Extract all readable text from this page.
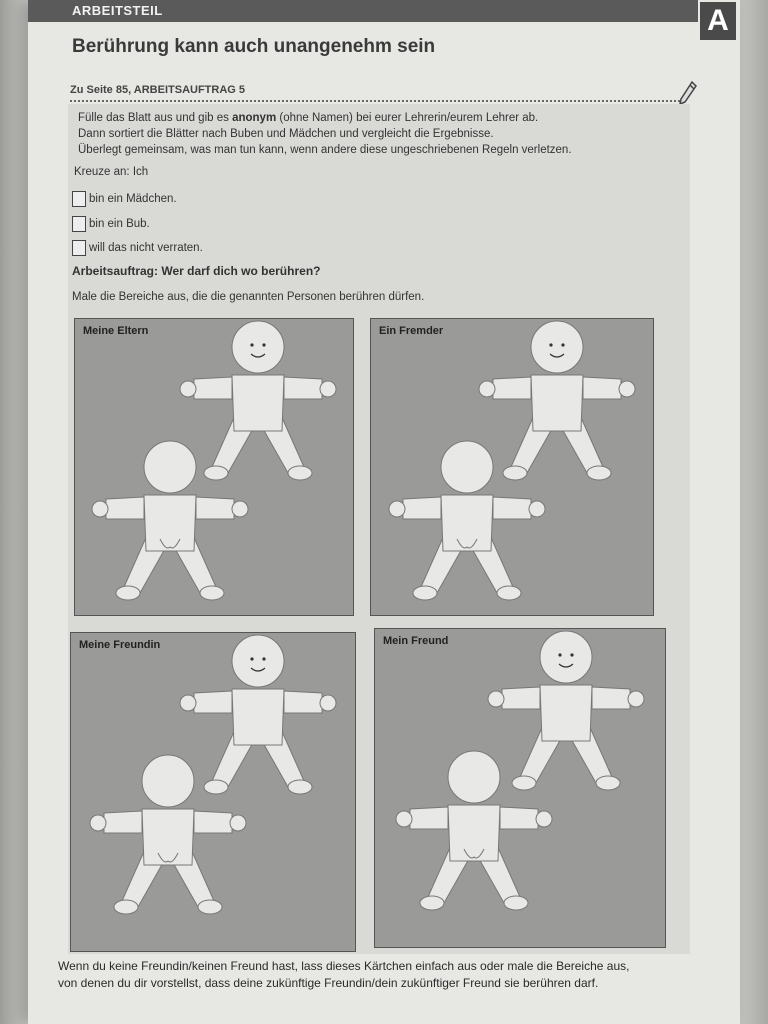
ARBEITSTEIL	A
Berührung kann auch unangenehm sein
Zu Seite 85, ARBEITSAUFTRAG 5
Fülle das Blatt aus und gib es anonym (ohne Namen) bei eurer Lehrerin/eurem Lehrer ab.
Dann sortiert die Blätter nach Buben und Mädchen und vergleicht die Ergebnisse.
Überlegt gemeinsam, was man tun kann, wenn andere diese ungeschriebenen Regeln verletzen.
Kreuze an: Ich
bin ein Mädchen.
bin ein Bub.
will das nicht verraten.
Arbeitsauftrag: Wer darf dich wo berühren?
Male die Bereiche aus, die die genannten Personen berühren dürfen.
Meine Eltern	Ein Fremder
Meine Freundin	Mein Freund
Wenn du keine Freundin/keinen Freund hast, lass dieses Kärtchen einfach aus oder male die Bereiche aus,
von denen du dir vorstellst, dass deine zukünftige Freundin/dein zukünftiger Freund sie berühren darf.
